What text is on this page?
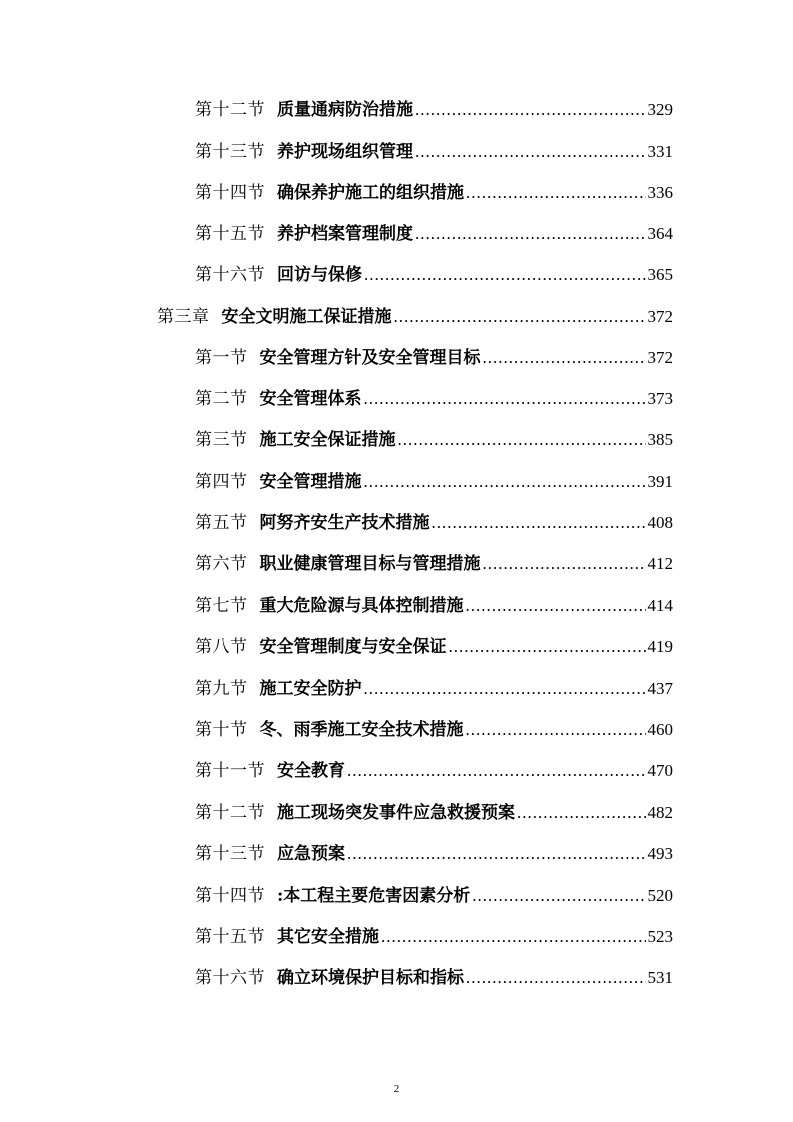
第十二节 质量通病防治措施 .....	329
第十三节 养护现场组织管理 .....	331
第十四节 确保养护施工的组织措施 .....	336
第十五节 养护档案管理制度 .....	364
第十六节 回访与保修 .....	365
第三章 安全文明施工保证措施 .....	372
第一节 安全管理方针及安全管理目标 .....	372
第二节 安全管理体系 .....	373
第三节 施工安全保证措施 .....	385
第四节 安全管理措施 .....	391
第五节 阿努齐安生产技术措施 .....	408
第六节 职业健康管理目标与管理措施 .....	412
第七节 重大危险源与具体控制措施 .....	414
第八节 安全管理制度与安全保证 .....	419
第九节 施工安全防护 .....	437
第十节 冬、雨季施工安全技术措施 .....	460
第十一节 安全教育 .....	470
第十二节 施工现场突发事件应急救援预案 .....	482
第十三节 应急预案 .....	493
第十四节 :本工程主要危害因素分析 .....	520
第十五节 其它安全措施 .....	523
第十六节 确立环境保护目标和指标 .....	531
2
